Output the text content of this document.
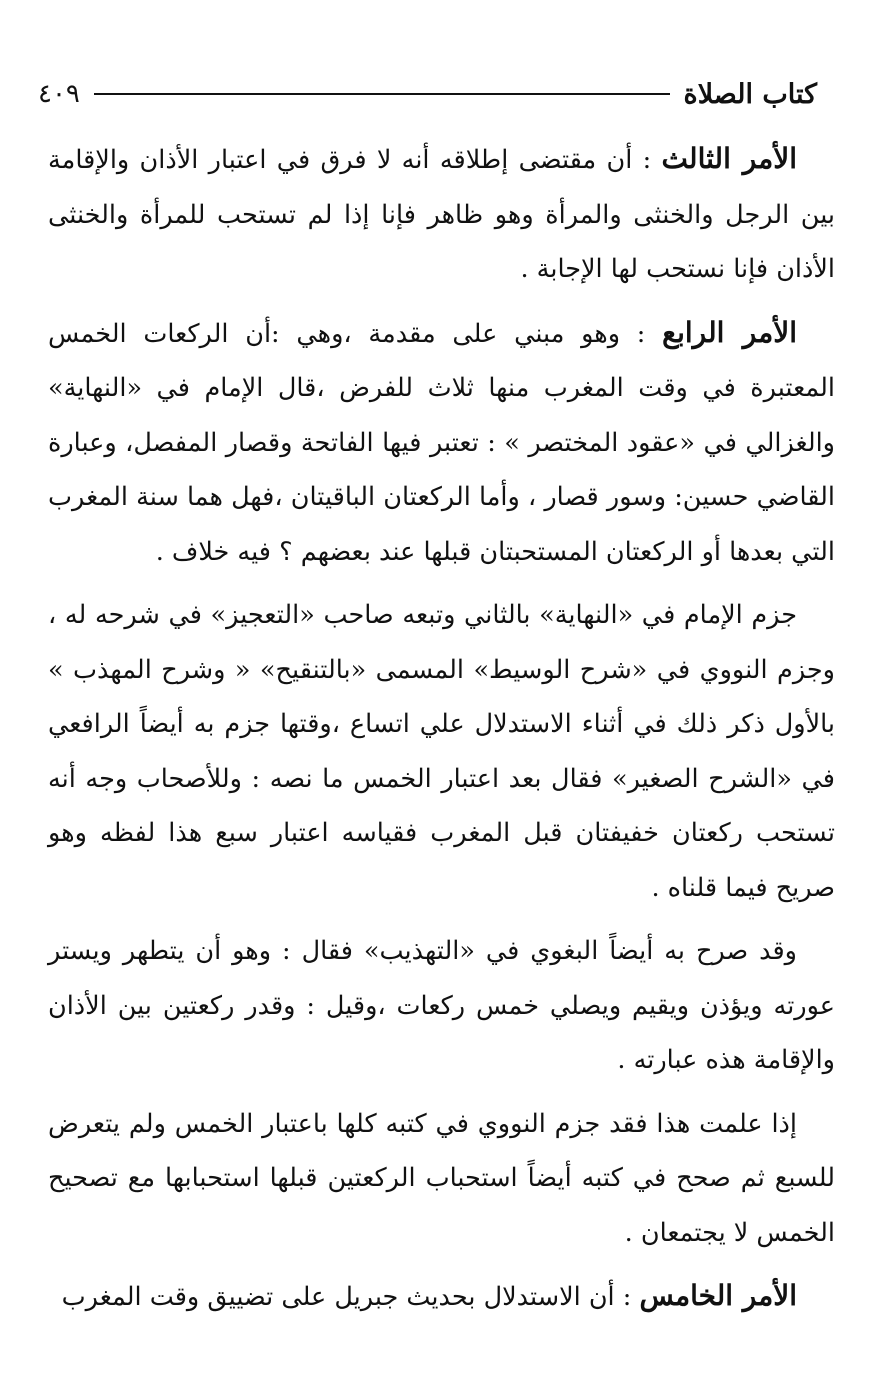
كتاب الصلاة
٤٠٩

الأمر الثالث : أن مقتضى إطلاقه أنه لا فرق في اعتبار الأذان والإقامة بين الرجل والخنثى والمرأة وهو ظاهر فإنا إذا لم تستحب للمرأة والخنثى الأذان فإنا نستحب لها الإجابة .

الأمر الرابع : وهو مبني على مقدمة ،وهي :أن الركعات الخمس المعتبرة في وقت المغرب منها ثلاث للفرض ،قال الإمام في «النهاية» والغزالي في «عقود المختصر » : تعتبر فيها الفاتحة وقصار المفصل، وعبارة القاضي حسين: وسور قصار ، وأما الركعتان الباقيتان ،فهل هما سنة المغرب التي بعدها أو الركعتان المستحبتان قبلها عند بعضهم ؟ فيه خلاف .

جزم الإمام في «النهاية» بالثاني وتبعه صاحب «التعجيز» في شرحه له ، وجزم النووي في «شرح الوسيط» المسمى «بالتنقيح» « وشرح المهذب » بالأول ذكر ذلك في أثناء الاستدلال علي اتساع ،وقتها جزم به أيضاً الرافعي في «الشرح الصغير» فقال بعد اعتبار الخمس ما نصه : وللأصحاب وجه أنه تستحب ركعتان خفيفتان قبل المغرب فقياسه اعتبار سبع هذا لفظه وهو صريح فيما قلناه .

وقد صرح به أيضاً البغوي في «التهذيب» فقال : وهو أن يتطهر ويستر عورته ويؤذن ويقيم ويصلي خمس ركعات ،وقيل : وقدر ركعتين بين الأذان والإقامة هذه عبارته .

إذا علمت هذا فقد جزم النووي في كتبه كلها باعتبار الخمس ولم يتعرض للسبع ثم صحح في كتبه أيضاً استحباب الركعتين قبلها استحبابها مع تصحيح الخمس لا يجتمعان .

الأمر الخامس : أن الاستدلال بحديث جبريل على تضييق وقت المغرب
